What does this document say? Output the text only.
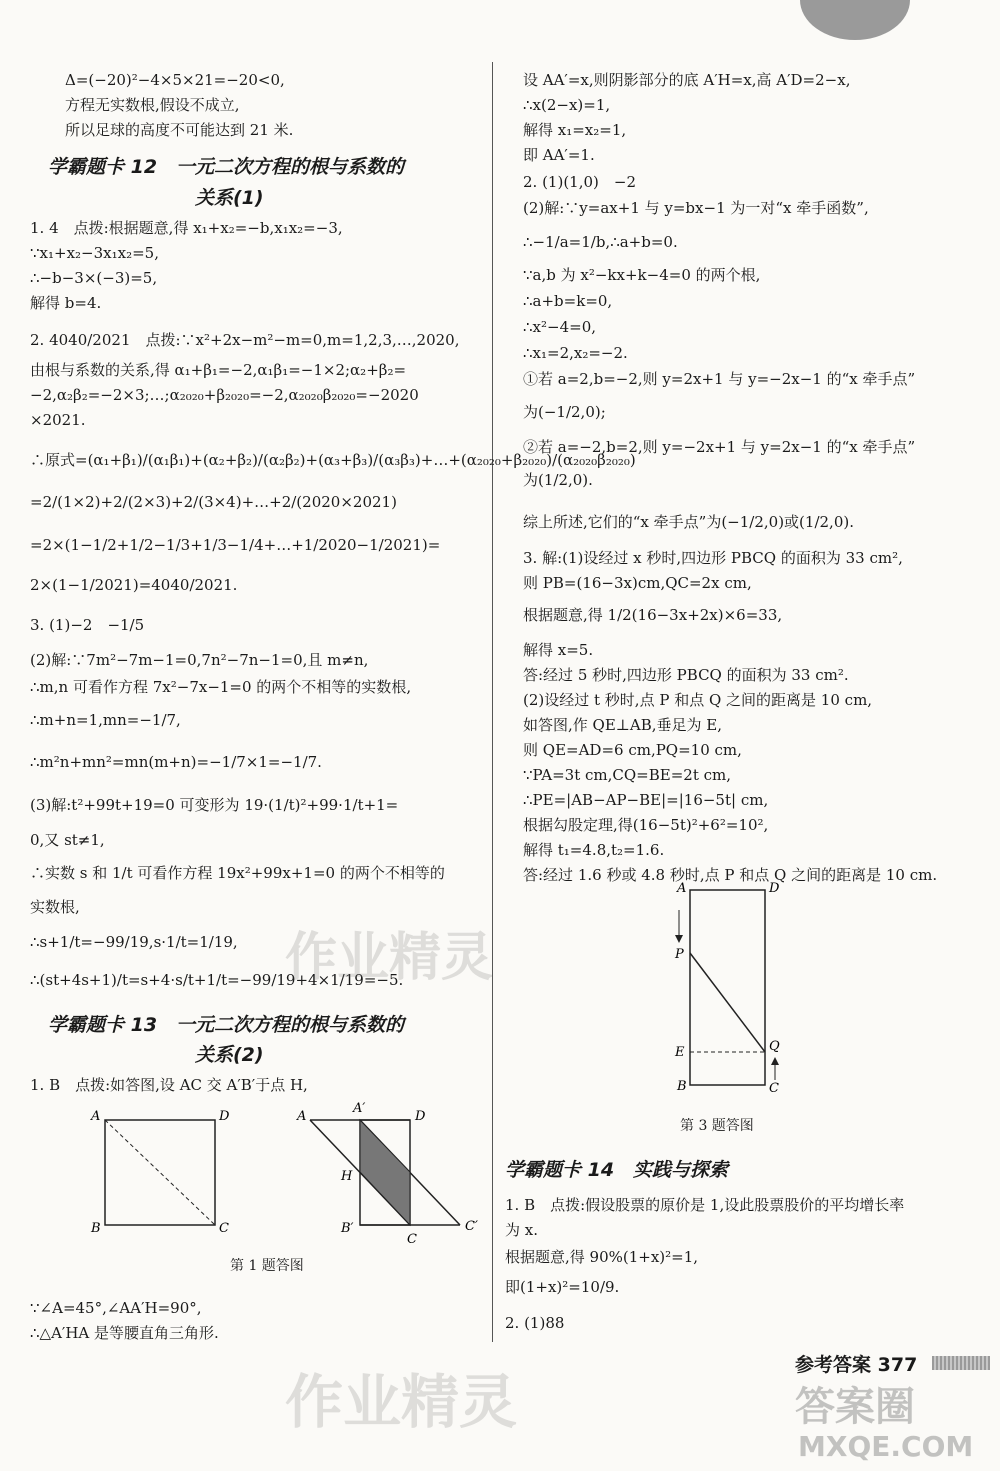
Δ=(−20)²−4×5×21=−20<0,
方程无实数根,假设不成立,
所以足球的高度不可能达到 21 米.
学霸题卡 12　一元二次方程的根与系数的
关系(1)
1. 4　点拨:根据题意,得 x₁+x₂=−b,x₁x₂=−3,
∵x₁+x₂−3x₁x₂=5,
∴−b−3×(−3)=5,
解得 b=4.
2. 4040/2021　点拨:∵x²+2x−m²−m=0,m=1,2,3,…,2020,
由根与系数的关系,得 α₁+β₁=−2,α₁β₁=−1×2;α₂+β₂=
−2,α₂β₂=−2×3;…;α₂₀₂₀+β₂₀₂₀=−2,α₂₀₂₀β₂₀₂₀=−2020
×2021.
∴原式=(α₁+β₁)/(α₁β₁)+(α₂+β₂)/(α₂β₂)+(α₃+β₃)/(α₃β₃)+…+(α₂₀₂₀+β₂₀₂₀)/(α₂₀₂₀β₂₀₂₀)
=2/(1×2)+2/(2×3)+2/(3×4)+…+2/(2020×2021)
=2×(1−1/2+1/2−1/3+1/3−1/4+…+1/2020−1/2021)=
2×(1−1/2021)=4040/2021.
3. (1)−2　−1/5
(2)解:∵7m²−7m−1=0,7n²−7n−1=0,且 m≠n,
∴m,n 可看作方程 7x²−7x−1=0 的两个不相等的实数根,
∴m+n=1,mn=−1/7,
∴m²n+mn²=mn(m+n)=−1/7×1=−1/7.
(3)解:t²+99t+19=0 可变形为 19·(1/t)²+99·1/t+1=
0,又 st≠1,
∴实数 s 和 1/t 可看作方程 19x²+99x+1=0 的两个不相等的
实数根,
∴s+1/t=−99/19,s·1/t=1/19,
∴(st+4s+1)/t=s+4·s/t+1/t=−99/19+4×1/19=−5.
学霸题卡 13　一元二次方程的根与系数的
关系(2)
1. B　点拨:如答图,设 AC 交 A′B′于点 H,
∵∠A=45°,∠AA′H=90°,
∴△A′HA 是等腰直角三角形.
A	D
B	C
A
A′
D
H
B′
C
C′
第 1 题答图
设 AA′=x,则阴影部分的底 A′H=x,高 A′D=2−x,
∴x(2−x)=1,
解得 x₁=x₂=1,
即 AA′=1.
2. (1)(1,0)　−2
(2)解:∵y=ax+1 与 y=bx−1 为一对“x 牵手函数”,
∴−1/a=1/b,∴a+b=0.
∵a,b 为 x²−kx+k−4=0 的两个根,
∴a+b=k=0,
∴x²−4=0,
∴x₁=2,x₂=−2.
①若 a=2,b=−2,则 y=2x+1 与 y=−2x−1 的“x 牵手点”
为(−1/2,0);
②若 a=−2,b=2,则 y=−2x+1 与 y=2x−1 的“x 牵手点”
为(1/2,0).
综上所述,它们的“x 牵手点”为(−1/2,0)或(1/2,0).
3. 解:(1)设经过 x 秒时,四边形 PBCQ 的面积为 33 cm²,
则 PB=(16−3x)cm,QC=2x cm,
根据题意,得 1/2(16−3x+2x)×6=33,
解得 x=5.
答:经过 5 秒时,四边形 PBCQ 的面积为 33 cm².
(2)设经过 t 秒时,点 P 和点 Q 之间的距离是 10 cm,
如答图,作 QE⊥AB,垂足为 E,
则 QE=AD=6 cm,PQ=10 cm,
∵PA=3t cm,CQ=BE=2t cm,
∴PE=|AB−AP−BE|=|16−5t| cm,
根据勾股定理,得(16−5t)²+6²=10²,
解得 t₁=4.8,t₂=1.6.
答:经过 1.6 秒或 4.8 秒时,点 P 和点 Q 之间的距离是 10 cm.
A	D
P
E	Q
B	C
第 3 题答图
学霸题卡 14　实践与探索
1. B　点拨:假设股票的原价是 1,设此股票股价的平均增长率
为 x.
根据题意,得 90%(1+x)²=1,
即(1+x)²=10/9.
2. (1)88
参考答案 377
作业精灵
作业精灵
答案圈
MXQE.COM
